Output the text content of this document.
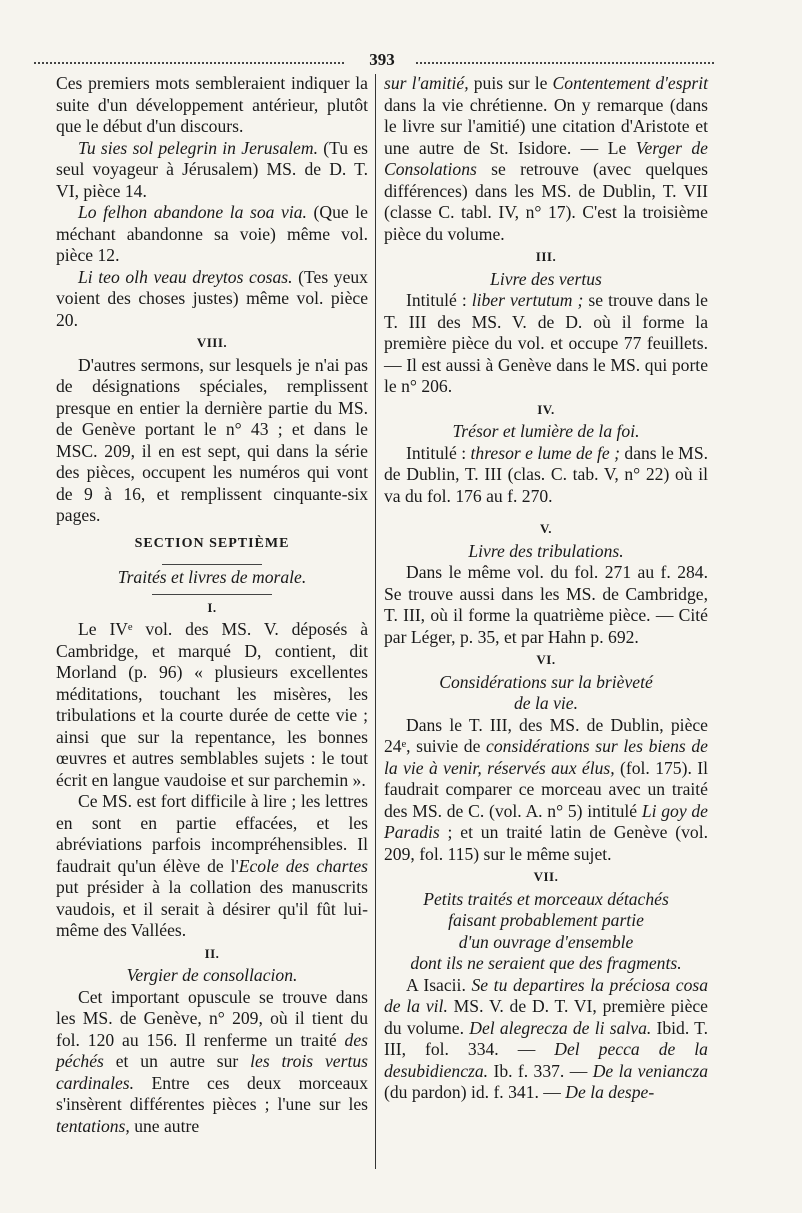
393

Ces premiers mots sembleraient indiquer la suite d'un développement antérieur, plutôt que le début d'un discours.

Tu sies sol pelegrin in Jerusalem. (Tu es seul voyageur à Jérusalem) MS. de D. T. VI, pièce 14.

Lo felhon abandone la soa via. (Que le méchant abandonne sa voie) même vol. pièce 12.

Li teo olh veau dreytos cosas. (Tes yeux voient des choses justes) même vol. pièce 20.

VIII.

D'autres sermons, sur lesquels je n'ai pas de désignations spéciales, remplissent presque en entier la dernière partie du MS. de Genève portant le n° 43 ; et dans le MSC. 209, il en est sept, qui dans la série des pièces, occupent les numéros qui vont de 9 à 16, et remplissent cinquante-six pages.

SECTION SEPTIÈME

Traités et livres de morale.

I.

Le IVᵉ vol. des MS. V. déposés à Cambridge, et marqué D, contient, dit Morland (p. 96) « plusieurs excellentes méditations, touchant les misères, les tribulations et la courte durée de cette vie ; ainsi que sur la repentance, les bonnes œuvres et autres semblables sujets : le tout écrit en langue vaudoise et sur parchemin ».

Ce MS. est fort difficile à lire ; les lettres en sont en partie effacées, et les abréviations parfois incompréhensibles. Il faudrait qu'un élève de l'Ecole des chartes put présider à la collation des manuscrits vaudois, et il serait à désirer qu'il fût lui-même des Vallées.

II.

Vergier de consollacion.

Cet important opuscule se trouve dans les MS. de Genève, n° 209, où il tient du fol. 120 au 156. Il renferme un traité des péchés et un autre sur les trois vertus cardinales. Entre ces deux morceaux s'insèrent différentes pièces ; l'une sur les tentations, une autre

sur l'amitié, puis sur le Contentement d'esprit dans la vie chrétienne. On y remarque (dans le livre sur l'amitié) une citation d'Aristote et une autre de St. Isidore. — Le Verger de Consolations se retrouve (avec quelques différences) dans les MS. de Dublin, T. VII (classe C. tabl. IV, n° 17). C'est la troisième pièce du volume.

III.

Livre des vertus

Intitulé : liber vertutum ; se trouve dans le T. III des MS. V. de D. où il forme la première pièce du vol. et occupe 77 feuillets. — Il est aussi à Genève dans le MS. qui porte le n° 206.

IV.

Trésor et lumière de la foi.

Intitulé : thresor e lume de fe ; dans le MS. de Dublin, T. III (clas. C. tab. V, n° 22) où il va du fol. 176 au f. 270.

V.

Livre des tribulations.

Dans le même vol. du fol. 271 au f. 284. Se trouve aussi dans les MS. de Cambridge, T. III, où il forme la quatrième pièce. — Cité par Léger, p. 35, et par Hahn p. 692.

VI.

Considérations sur la brièveté

de la vie.

Dans le T. III, des MS. de Dublin, pièce 24ᵉ, suivie de considérations sur les biens de la vie à venir, réservés aux élus, (fol. 175). Il faudrait comparer ce morceau avec un traité des MS. de C. (vol. A. n° 5) intitulé Li goy de Paradis ; et un traité latin de Genève (vol. 209, fol. 115) sur le même sujet.

VII.

Petits traités et morceaux détachés

faisant probablement partie

d'un ouvrage d'ensemble

dont ils ne seraient que des fragments.

A Isacii. Se tu departires la préciosa cosa de la vil. MS. V. de D. T. VI, première pièce du volume. Del alegrecza de li salva. Ibid. T. III, fol. 334. — Del pecca de la desubidiencza. Ib. f. 337. — De la venianczа (du pardon) id. f. 341. — De la despe-
